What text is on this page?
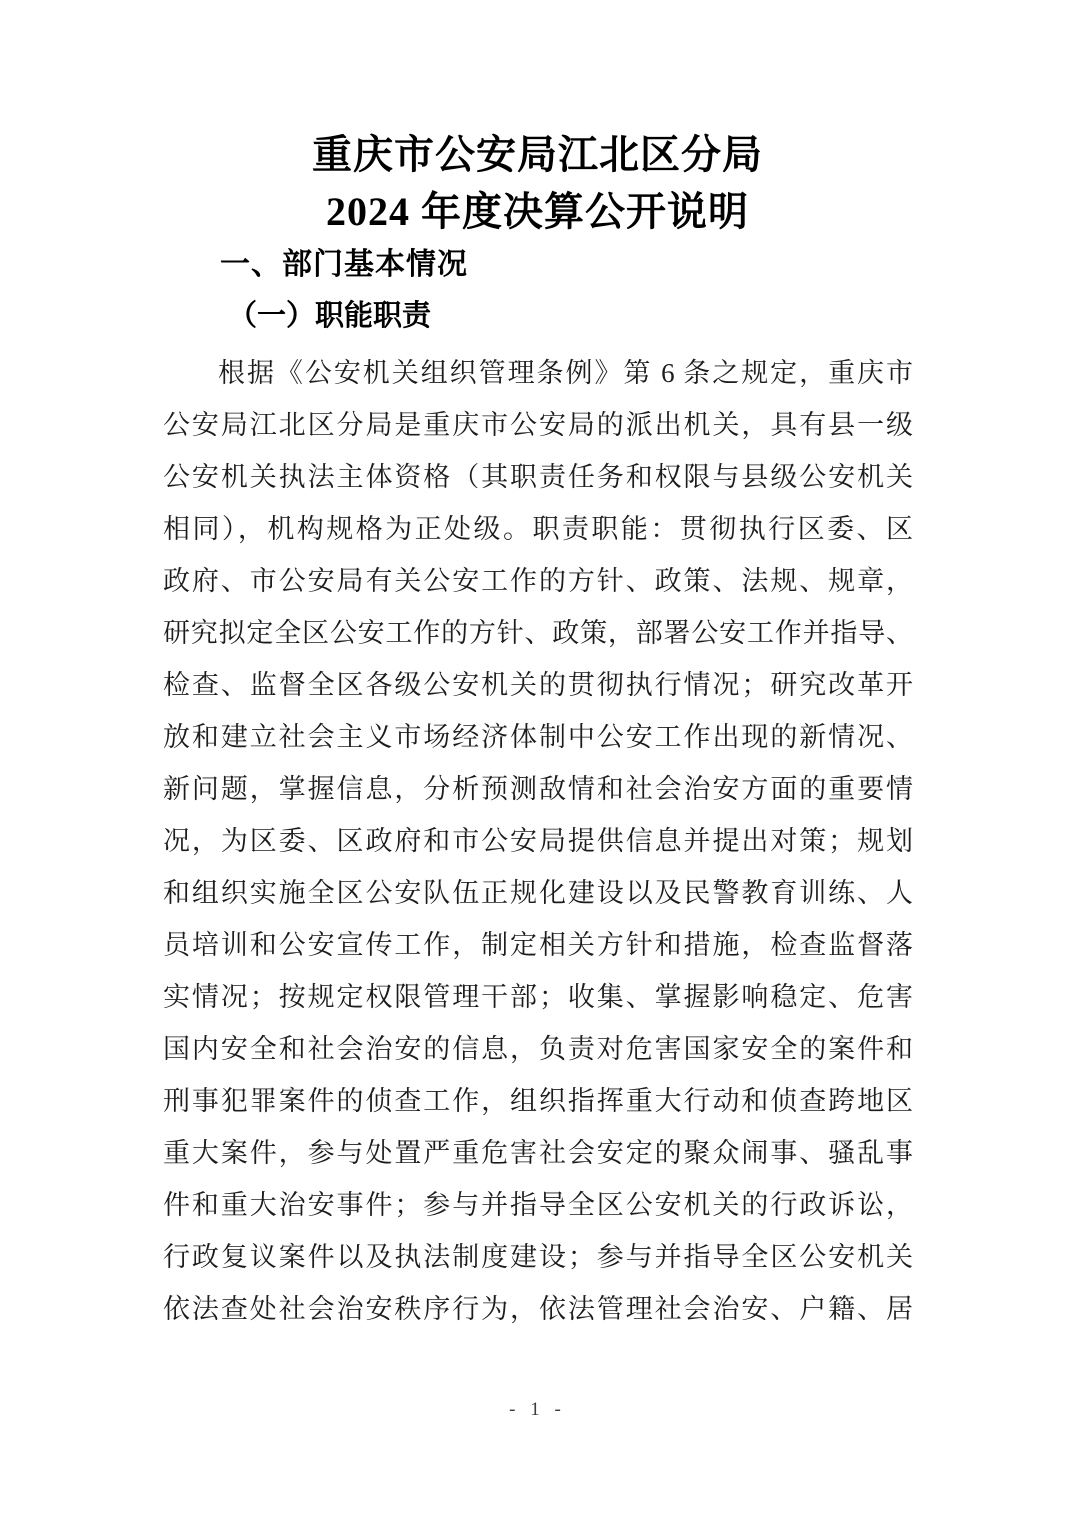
重庆市公安局江北区分局
2024 年度决算公开说明
一、部门基本情况
（一）职能职责
根据《公安机关组织管理条例》第 6 条之规定，重庆市
公安局江北区分局是重庆市公安局的派出机关，具有县一级
公安机关执法主体资格（其职责任务和权限与县级公安机关
相同），机构规格为正处级。职责职能：贯彻执行区委、区
政府、市公安局有关公安工作的方针、政策、法规、规章，
研究拟定全区公安工作的方针、政策，部署公安工作并指导、
检查、监督全区各级公安机关的贯彻执行情况；研究改革开
放和建立社会主义市场经济体制中公安工作出现的新情况、
新问题，掌握信息，分析预测敌情和社会治安方面的重要情
况，为区委、区政府和市公安局提供信息并提出对策；规划
和组织实施全区公安队伍正规化建设以及民警教育训练、人
员培训和公安宣传工作，制定相关方针和措施，检查监督落
实情况；按规定权限管理干部；收集、掌握影响稳定、危害
国内安全和社会治安的信息，负责对危害国家安全的案件和
刑事犯罪案件的侦查工作，组织指挥重大行动和侦查跨地区
重大案件，参与处置严重危害社会安定的聚众闹事、骚乱事
件和重大治安事件；参与并指导全区公安机关的行政诉讼，
行政复议案件以及执法制度建设；参与并指导全区公安机关
依法查处社会治安秩序行为，依法管理社会治安、户籍、居
- 1 -
